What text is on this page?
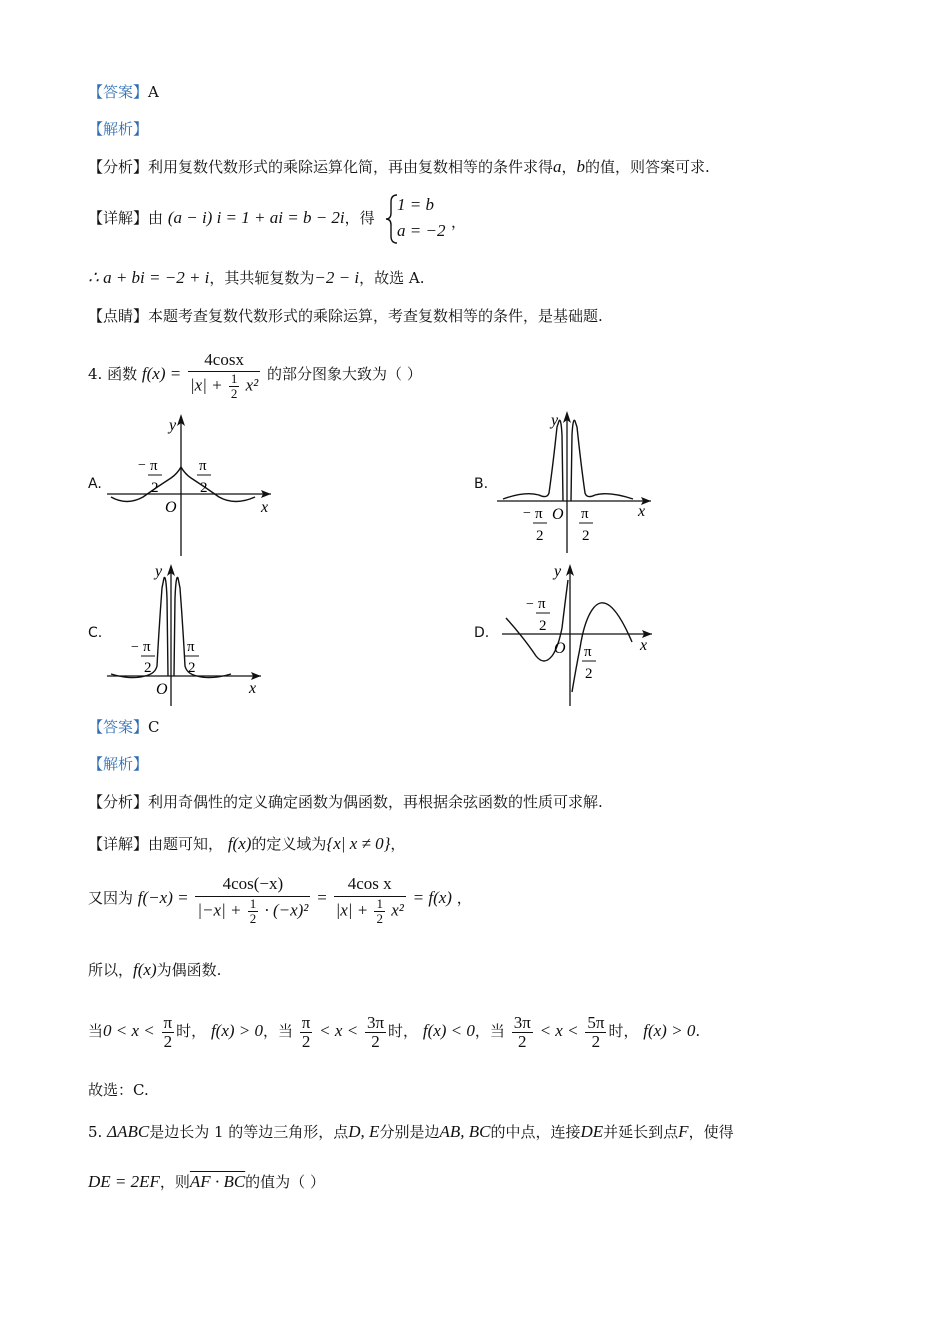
【答案】A
【解析】
【分析】利用复数代数形式的乘除运算化简，再由复数相等的条件求得a，b的值，则答案可求.
【详解】由 (a − i) i = 1 + ai = b − 2i，得
1 = b
a = −2 ，
∴ a + bi = −2 + i，其共轭复数为−2 − i，故选 A.
【点睛】本题考查复数代数形式的乘除运算，考查复数相等的条件，是基础题.
4. 函数 $f(x) = \frac{4\cos x}{|x| + \frac{1}{2} x^2}$ 的部分图象大致为（ ）
A.	B.
C.	D.
y
x
O
− π
2
π
2
y
x
O
− π
2
π
2
y
x
O
− π
2
π
2
y
x
O
− π
2
π
2
【答案】C
【解析】
【分析】利用奇偶性的定义确定函数为偶函数，再根据余弦函数的性质可求解.
【详解】由题可知， f(x)的定义域为{x| x ≠ 0}，
又因为 $f(-x) = \frac{4\cos(-x)}{|-x| + \frac{1}{2} \cdot (-x)^2} = \frac{\text{4cos x}}{|x| + \frac{1}{2} x^2} = f(x)$ ，
所以，f(x)为偶函数.
当$0 < x < \frac{\pi}{2}$ 时， f(x) > 0，当 $\frac{\pi}{2} < x < \frac{3\pi}{2}$ 时， f(x) < 0，当 $\frac{3\pi}{2} < x < \frac{5\pi}{2}$ 时， f(x) > 0.
故选：C.
5. ΔABC是边长为 1 的等边三角形，点D, E分别是边AB, BC的中点，连接DE并延长到点F，使得
DE = 2EF，则AF · BC的值为（ ）
